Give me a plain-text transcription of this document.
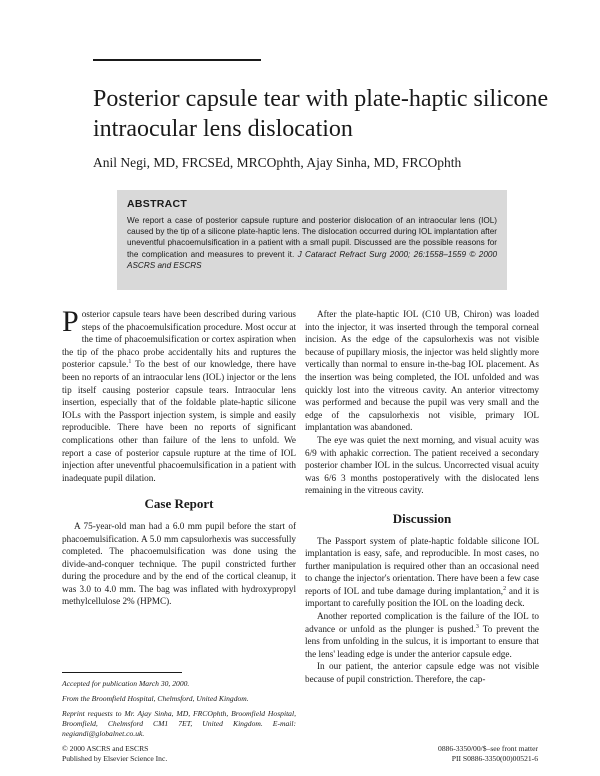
Posterior capsule tear with plate-haptic silicone intraocular lens dislocation
Anil Negi, MD, FRCSEd, MRCOphth, Ajay Sinha, MD, FRCOphth
ABSTRACT
We report a case of posterior capsule rupture and posterior dislocation of an intraocular lens (IOL) caused by the tip of a silicone plate-haptic lens. The dislocation occurred during IOL implantation after uneventful phacoemulsification in a patient with a small pupil. Discussed are the possible reasons for the complication and measures to prevent it. J Cataract Refract Surg 2000; 26:1558–1559 © 2000 ASCRS and ESCRS

Posterior capsule tears have been described during various steps of the phacoemulsification procedure. Most occur at the time of phacoemulsification or cortex aspiration when the tip of the phaco probe accidentally hits and ruptures the posterior capsule.$^1$ To the best of our knowledge, there have been no reports of an intraocular lens (IOL) injector or the lens tip itself causing posterior capsule tears. Intraocular lens insertion, especially that of the foldable plate-haptic silicone IOLs with the Passport injection system, is simple and easily reproducible. There have been no reports of significant complications other than failure of the lens to unfold. We report a case of posterior capsule rupture at the time of IOL injection after uneventful phacoemulsification in a patient with inadequate pupil dilation.

Case Report

A 75-year-old man had a 6.0 mm pupil before the start of phacoemulsification. A 5.0 mm capsulorhexis was successfully completed. The phacoemulsification was done using the divide-and-conquer technique. The pupil constricted further during the procedure and by the end of the cortical cleanup, it was 3.0 to 4.0 mm. The bag was inflated with hydroxypropyl methylcellulose 2% (HPMC).

After the plate-haptic IOL (C10 UB, Chiron) was loaded into the injector, it was inserted through the temporal corneal incision. As the edge of the capsulorhexis was not visible because of pupillary miosis, the injector was held slightly more vertically than normal to ensure in-the-bag IOL placement. As the insertion was being completed, the IOL unfolded and was quickly lost into the vitreous cavity. An anterior vitrectomy was performed and because the pupil was very small and the edge of the capsulorhexis not visible, primary IOL implantation was abandoned.

The eye was quiet the next morning, and visual acuity was 6/9 with aphakic correction. The patient received a secondary posterior chamber IOL in the sulcus. Uncorrected visual acuity was 6/6 3 months postoperatively with the dislocated lens remaining in the vitreous cavity.

Discussion

The Passport system of plate-haptic foldable silicone IOL implantation is easy, safe, and reproducible. In most cases, no further manipulation is required other than an occasional need to change the injector's orientation. There have been a few case reports of IOL and tube damage during implantation,$^2$ and it is important to carefully position the IOL on the loading deck.

Another reported complication is the failure of the IOL to advance or unfold as the plunger is pushed.$^3$ To prevent the lens from unfolding in the sulcus, it is important to ensure that the lens' leading edge is under the anterior capsule edge.

In our patient, the anterior capsule edge was not visible because of pupil constriction. Therefore, the cap-

Accepted for publication March 30, 2000.

From the Broomfield Hospital, Chelmsford, United Kingdom.

Reprint requests to Mr. Ajay Sinha, MD, FRCOphth, Broomfield Hospital, Broomfield, Chelmsford CM1 7ET, United Kingdom. E-mail: negiandi@globalnet.co.uk.

© 2000 ASCRS and ESCRS
Published by Elsevier Science Inc.
0886-3350/00/$–see front matter
PII S0886-3350(00)00521-6
